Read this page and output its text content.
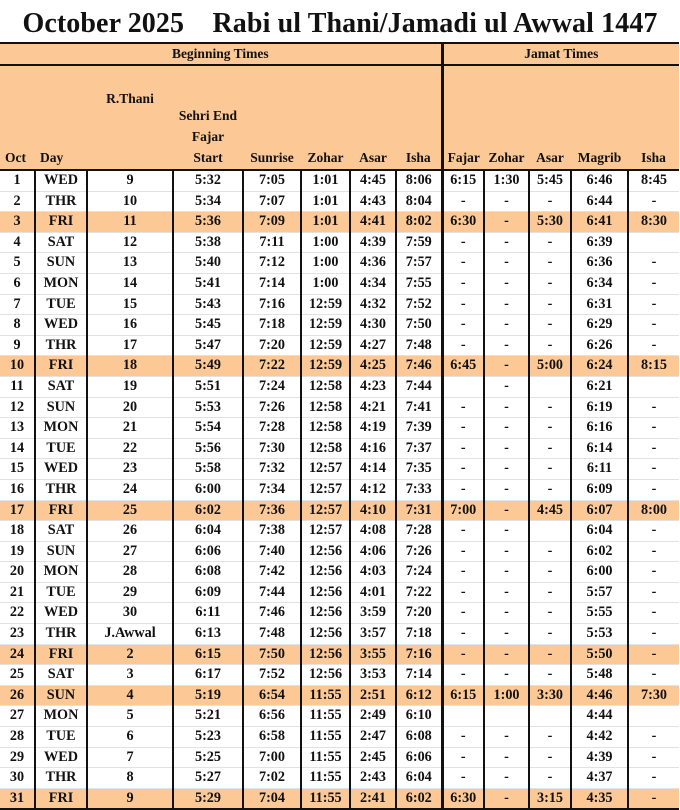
October 2025    Rabi ul Thani/Jamadi ul Awwal 1447
Beginning Times								Jamat Times				
Oct	Day	R.Thani	Sehri End
Fajar
Start	Sunrise	Zohar	Asar	Isha	Fajar	Zohar	Asar	Magrib	Isha
1	WED	9	5:32	7:05	1:01	4:45	8:06	6:15	1:30	5:45	6:46	8:45
2	THR	10	5:34	7:07	1:01	4:43	8:04	-	-	-	6:44	-
3	FRI	11	5:36	7:09	1:01	4:41	8:02	6:30	-	5:30	6:41	8:30
4	SAT	12	5:38	7:11	1:00	4:39	7:59	-	-	-	6:39	
5	SUN	13	5:40	7:12	1:00	4:36	7:57	-	-	-	6:36	-
6	MON	14	5:41	7:14	1:00	4:34	7:55	-	-	-	6:34	-
7	TUE	15	5:43	7:16	12:59	4:32	7:52	-	-	-	6:31	-
8	WED	16	5:45	7:18	12:59	4:30	7:50	-	-	-	6:29	-
9	THR	17	5:47	7:20	12:59	4:27	7:48	-	-	-	6:26	-
10	FRI	18	5:49	7:22	12:59	4:25	7:46	6:45	-	5:00	6:24	8:15
11	SAT	19	5:51	7:24	12:58	4:23	7:44		-		6:21	
12	SUN	20	5:53	7:26	12:58	4:21	7:41	-	-	-	6:19	-
13	MON	21	5:54	7:28	12:58	4:19	7:39	-	-	-	6:16	-
14	TUE	22	5:56	7:30	12:58	4:16	7:37	-	-	-	6:14	-
15	WED	23	5:58	7:32	12:57	4:14	7:35	-	-	-	6:11	-
16	THR	24	6:00	7:34	12:57	4:12	7:33	-	-	-	6:09	-
17	FRI	25	6:02	7:36	12:57	4:10	7:31	7:00	-	4:45	6:07	8:00
18	SAT	26	6:04	7:38	12:57	4:08	7:28	-	-		6:04	-
19	SUN	27	6:06	7:40	12:56	4:06	7:26	-	-	-	6:02	-
20	MON	28	6:08	7:42	12:56	4:03	7:24	-	-	-	6:00	-
21	TUE	29	6:09	7:44	12:56	4:01	7:22	-	-	-	5:57	-
22	WED	30	6:11	7:46	12:56	3:59	7:20	-	-	-	5:55	-
23	THR	J.Awwal	6:13	7:48	12:56	3:57	7:18	-	-	-	5:53	-
24	FRI	2	6:15	7:50	12:56	3:55	7:16	-	-	-	5:50	-
25	SAT	3	6:17	7:52	12:56	3:53	7:14	-	-	-	5:48	-
26	SUN	4	5:19	6:54	11:55	2:51	6:12	6:15	1:00	3:30	4:46	7:30
27	MON	5	5:21	6:56	11:55	2:49	6:10				4:44	
28	TUE	6	5:23	6:58	11:55	2:47	6:08	-	-	-	4:42	-
29	WED	7	5:25	7:00	11:55	2:45	6:06	-	-	-	4:39	-
30	THR	8	5:27	7:02	11:55	2:43	6:04	-	-	-	4:37	-
31	FRI	9	5:29	7:04	11:55	2:41	6:02	6:30	-	3:15	4:35	-
